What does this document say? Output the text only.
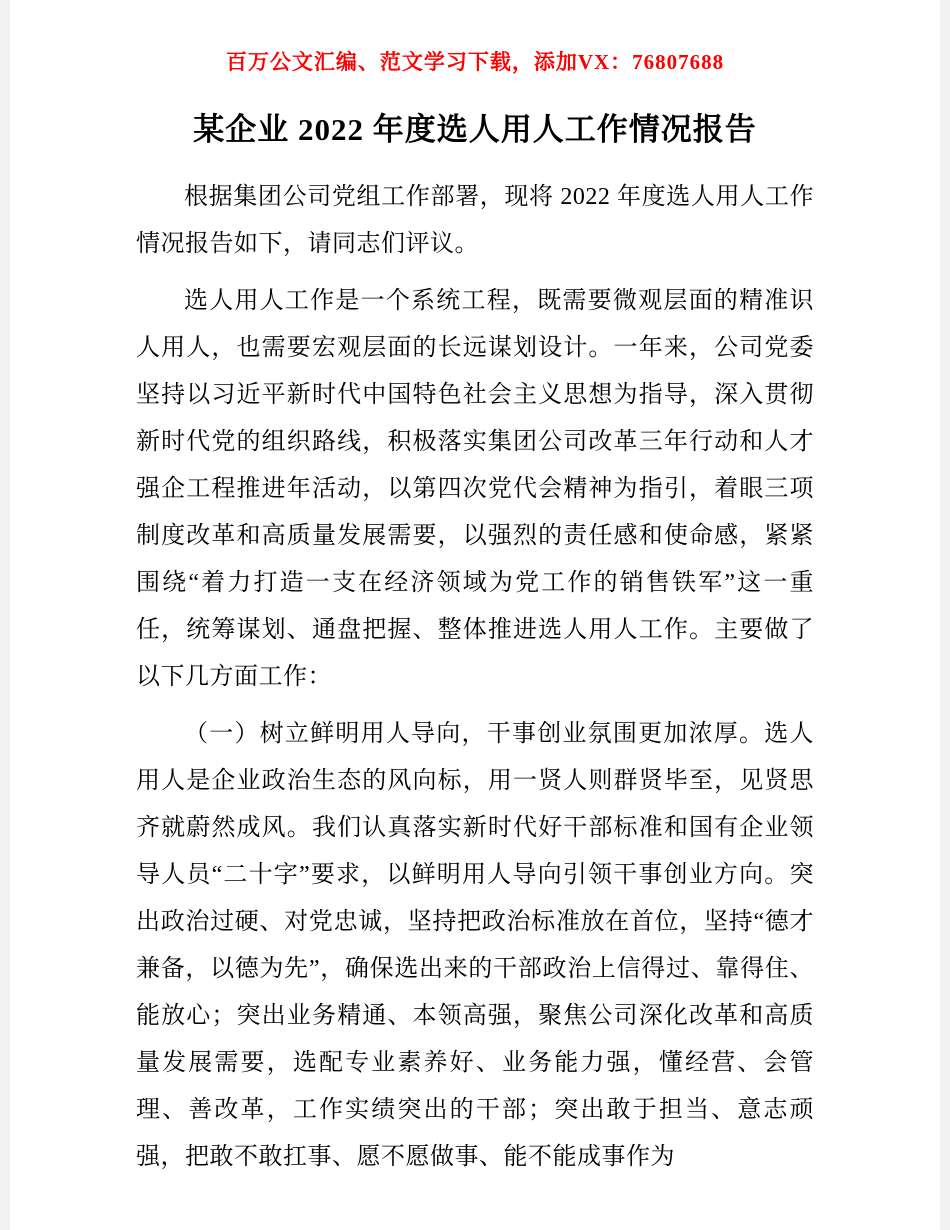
百万公文汇编、范文学习下载，添加VX：76807688
某企业 2022 年度选人用人工作情况报告

根据集团公司党组工作部署，现将 2022 年度选人用人工作情况报告如下，请同志们评议。

选人用人工作是一个系统工程，既需要微观层面的精准识人用人，也需要宏观层面的长远谋划设计。一年来，公司党委坚持以习近平新时代中国特色社会主义思想为指导，深入贯彻新时代党的组织路线，积极落实集团公司改革三年行动和人才强企工程推进年活动，以第四次党代会精神为指引，着眼三项制度改革和高质量发展需要，以强烈的责任感和使命感，紧紧围绕“着力打造一支在经济领域为党工作的销售铁军”这一重任，统筹谋划、通盘把握、整体推进选人用人工作。主要做了以下几方面工作：

（一）树立鲜明用人导向，干事创业氛围更加浓厚。选人用人是企业政治生态的风向标，用一贤人则群贤毕至，见贤思齐就蔚然成风。我们认真落实新时代好干部标准和国有企业领导人员“二十字”要求，以鲜明用人导向引领干事创业方向。突出政治过硬、对党忠诚，坚持把政治标准放在首位，坚持“德才兼备，以德为先”，确保选出来的干部政治上信得过、靠得住、能放心；突出业务精通、本领高强，聚焦公司深化改革和高质量发展需要，选配专业素养好、业务能力强，懂经营、会管理、善改革，工作实绩突出的干部；突出敢于担当、意志顽强，把敢不敢扛事、愿不愿做事、能不能成事作为
